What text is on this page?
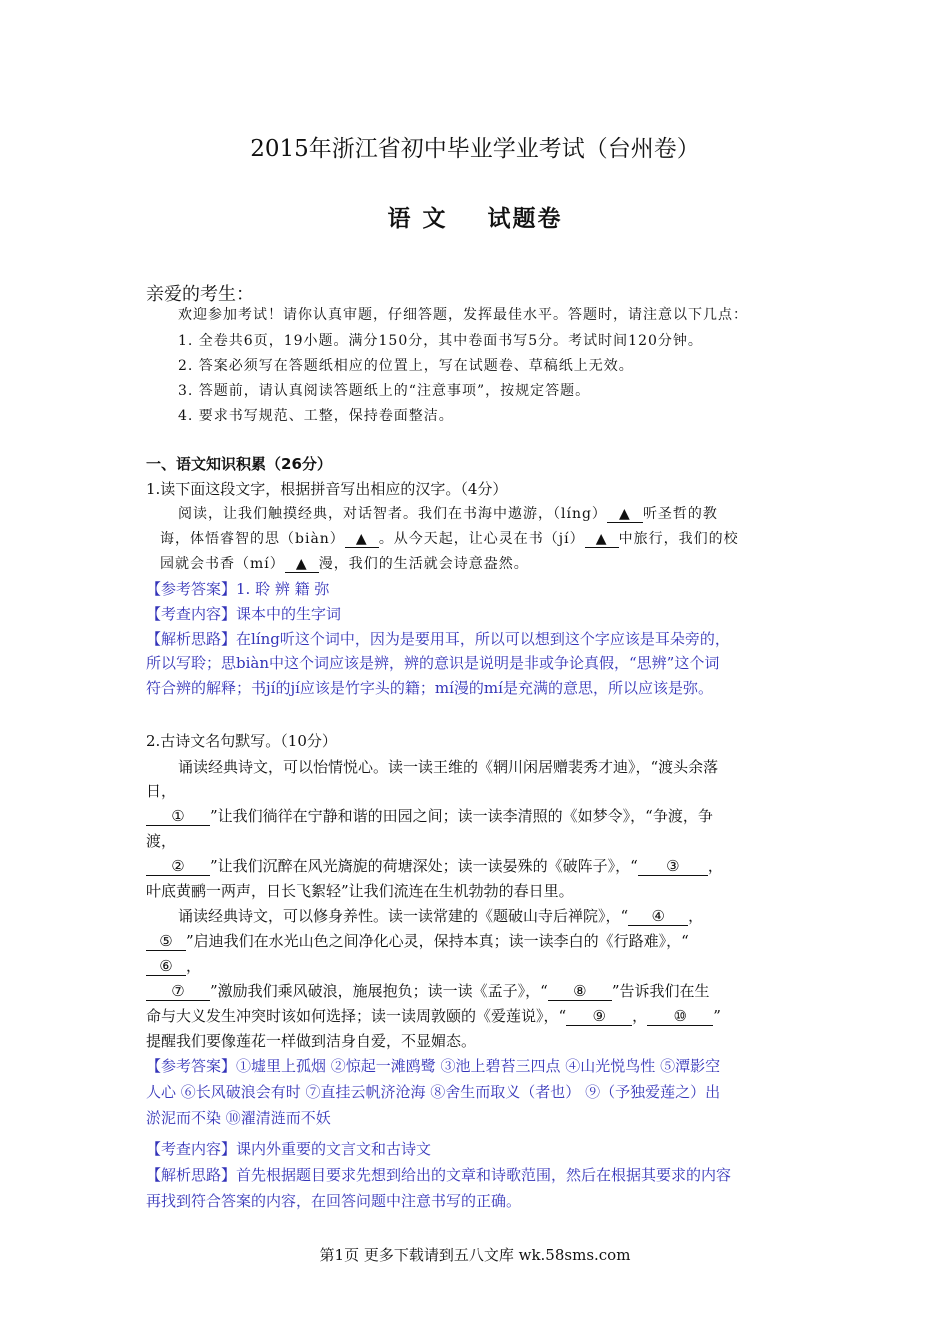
2015年浙江省初中毕业学业考试（台州卷）
语 文 试题卷
亲爱的考生：
欢迎参加考试！请你认真审题，仔细答题，发挥最佳水平。答题时，请注意以下几点：
1. 全卷共6页，19小题。满分150分，其中卷面书写5分。考试时间120分钟。
2. 答案必须写在答题纸相应的位置上，写在试题卷、草稿纸上无效。
3. 答题前，请认真阅读答题纸上的“注意事项”，按规定答题。
4. 要求书写规范、工整，保持卷面整洁。
一、语文知识积累（26分）
1.读下面这段文字，根据拼音写出相应的汉字。（4分）
阅读，让我们触摸经典，对话智者。我们在书海中遨游，（líng） ▲ 听圣哲的教
诲，体悟睿智的思（biàn） ▲ 。从今天起，让心灵在书（jí） ▲ 中旅行，我们的校
园就会书香（mí） ▲ 漫，我们的生活就会诗意盎然。
【参考答案】1. 聆 辨 籍 弥
【考查内容】课本中的生字词
【解析思路】在líng听这个词中，因为是要用耳，所以可以想到这个字应该是耳朵旁的，
所以写聆；思biàn中这个词应该是辨，辨的意识是说明是非或争论真假，“思辨”这个词
符合辨的解释；书jí的jí应该是竹字头的籍；mí漫的mí是充满的意思，所以应该是弥。
2.古诗文名句默写。（10分）
诵读经典诗文，可以怡情悦心。读一读王维的《辋川闲居赠裴秀才迪》，“渡头余落
日，
① ”让我们徜徉在宁静和谐的田园之间；读一读李清照的《如梦令》，“争渡，争
渡，
② ”让我们沉醉在风光旖旎的荷塘深处；读一读晏殊的《破阵子》，“ ③ ，
叶底黄鹂一两声，日长飞絮轻”让我们流连在生机勃勃的春日里。
诵读经典诗文，可以修身养性。读一读常建的《题破山寺后禅院》，“ ④ ，
⑤ ”启迪我们在水光山色之间净化心灵，保持本真；读一读李白的《行路难》，“
⑥ ，
⑦ ”激励我们乘风破浪，施展抱负；读一读《孟子》，“ ⑧ ”告诉我们在生
命与大义发生冲突时该如何选择；读一读周敦颐的《爱莲说》，“ ⑨ ， ⑩ ”
提醒我们要像莲花一样做到洁身自爱，不显媚态。
【参考答案】①墟里上孤烟 ②惊起一滩鸥鹭 ③池上碧苔三四点 ④山光悦鸟性 ⑤潭影空
人心 ⑥长风破浪会有时 ⑦直挂云帆济沧海 ⑧舍生而取义（者也） ⑨（予独爱莲之）出
淤泥而不染 ⑩濯清涟而不妖
【考查内容】课内外重要的文言文和古诗文
【解析思路】首先根据题目要求先想到给出的文章和诗歌范围，然后在根据其要求的内容
再找到符合答案的内容，在回答问题中注意书写的正确。
第1页 更多下载请到五八文库 wk.58sms.com
